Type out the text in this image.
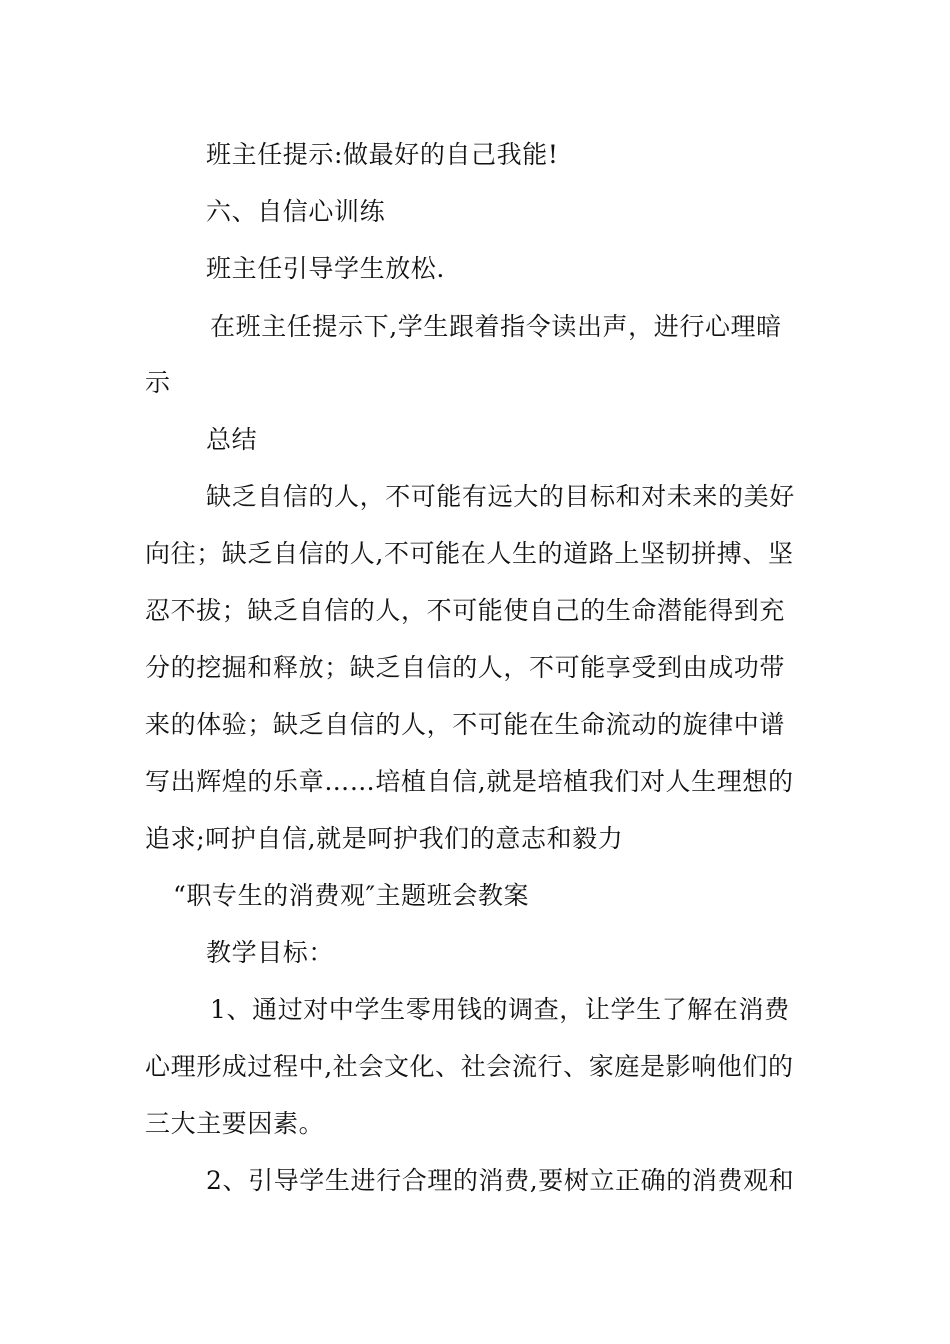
班主任提示:做最好的自己我能!
六、自信心训练
班主任引导学生放松.
在班主任提示下,学生跟着指令读出声，进行心理暗
示
总结
缺乏自信的人，不可能有远大的目标和对未来的美好
向往；缺乏自信的人,不可能在人生的道路上坚韧拼搏、坚
忍不拔；缺乏自信的人，不可能使自己的生命潜能得到充
分的挖掘和释放；缺乏自信的人，不可能享受到由成功带
来的体验；缺乏自信的人，不可能在生命流动的旋律中谱
写出辉煌的乐章……培植自信,就是培植我们对人生理想的
追求;呵护自信,就是呵护我们的意志和毅力
“职专生的消费观″主题班会教案
教学目标：
1、通过对中学生零用钱的调查，让学生了解在消费
心理形成过程中,社会文化、社会流行、家庭是影响他们的
三大主要因素。
2、引导学生进行合理的消费,要树立正确的消费观和
